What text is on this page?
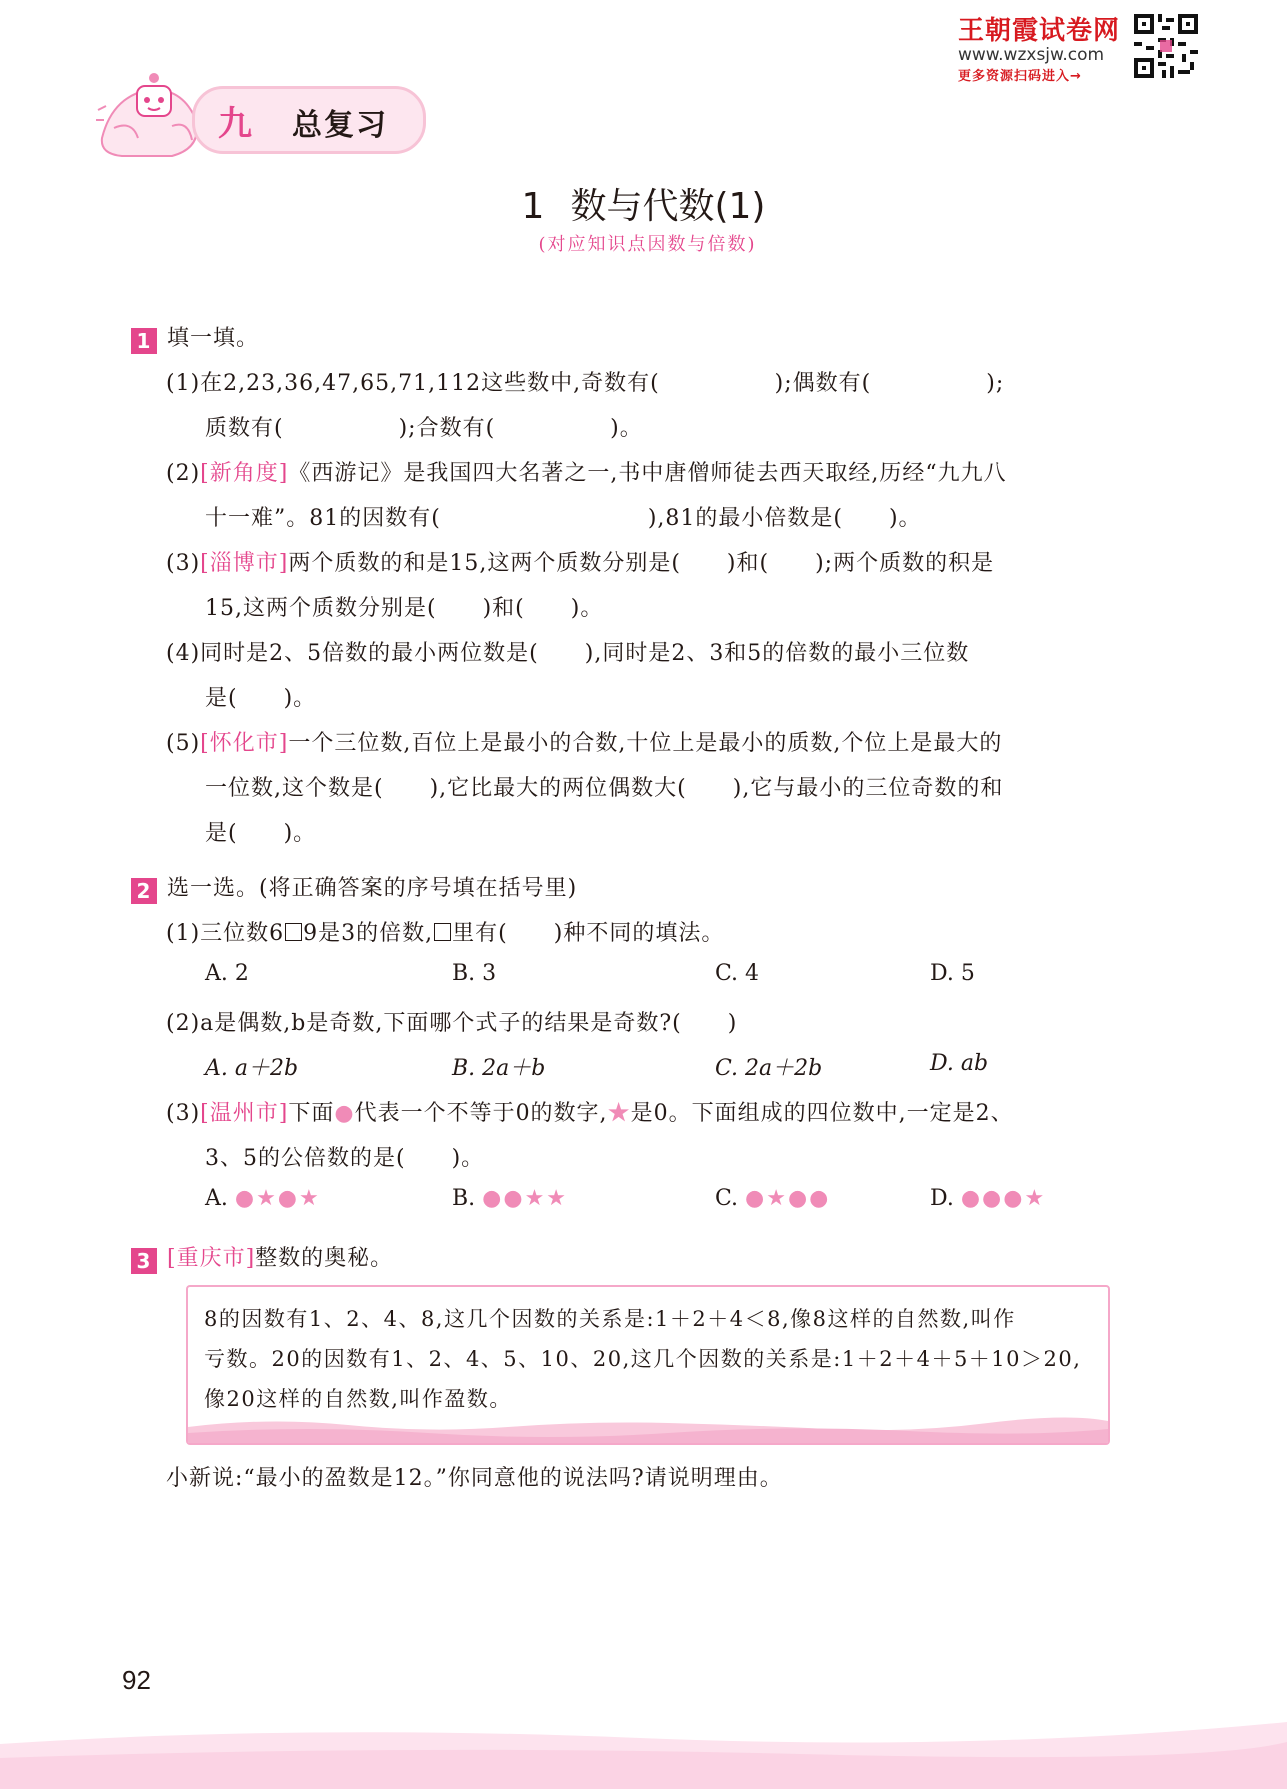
王朝霞试卷网
www.wzxsjw.com
更多资源扫码进入→
九 总复习
1 数与代数(1)
(对应知识点因数与倍数)
1 填一填。
(1)在2,23,36,47,65,71,112这些数中,奇数有(　　　　　);偶数有(　　　　　);
质数有(　　　　　);合数有(　　　　　)。
(2)[新角度]《西游记》是我国四大名著之一,书中唐僧师徒去西天取经,历经“九九八
十一难”。81的因数有(　　　　　　　　　),81的最小倍数是(　　)。
(3)[淄博市]两个质数的和是15,这两个质数分别是(　　)和(　　);两个质数的积是
15,这两个质数分别是(　　)和(　　)。
(4)同时是2、5倍数的最小两位数是(　　),同时是2、3和5的倍数的最小三位数
是(　　)。
(5)[怀化市]一个三位数,百位上是最小的合数,十位上是最小的质数,个位上是最大的
一位数,这个数是(　　),它比最大的两位偶数大(　　),它与最小的三位奇数的和
是(　　)。
2 选一选。(将正确答案的序号填在括号里)
(1)三位数6 9是3的倍数, 里有(　　)种不同的填法。
A. 2	B. 3	C. 4	D. 5
(2)a是偶数,b是奇数,下面哪个式子的结果是奇数?(　　)
A. a＋2b	B. 2a＋b	C. 2a＋2b	D. ab
(3)[温州市]下面●代表一个不等于0的数字,★是0。下面组成的四位数中,一定是2、
3、5的公倍数的是(　　)。
A. ●★●★	B. ●●★★	C. ●★●●	D. ●●●★
3 [重庆市]整数的奥秘。
8的因数有1、2、4、8,这几个因数的关系是:1＋2＋4＜8,像8这样的自然数,叫作
亏数。20的因数有1、2、4、5、10、20,这几个因数的关系是:1＋2＋4＋5＋10＞20,
像20这样的自然数,叫作盈数。
小新说:“最小的盈数是12。”你同意他的说法吗?请说明理由。
92
